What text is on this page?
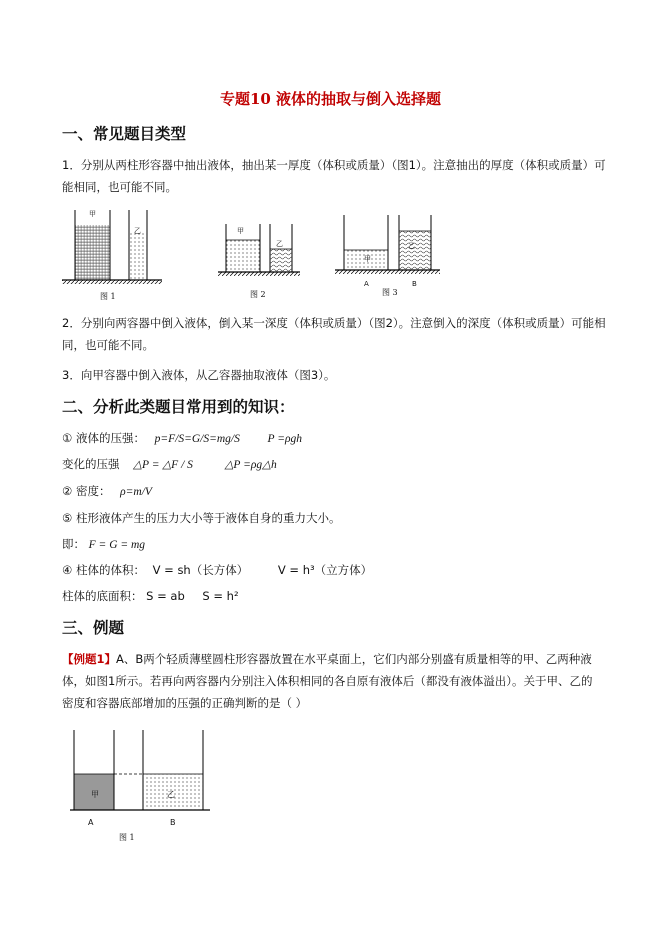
专题10 液体的抽取与倒入选择题
一、常见题目类型
1．分别从两柱形容器中抽出液体，抽出某一厚度（体积或质量）（图1）。注意抽出的厚度（体积或质量）可
能相同，也可能不同。
甲
乙
图 1
甲
乙
图 2
甲
乙
A	B
图 3
2．分别向两容器中倒入液体，倒入某一深度（体积或质量）（图2）。注意倒入的深度（体积或质量）可能相
同，也可能不同。
3．向甲容器中倒入液体，从乙容器抽取液体（图3）。
二、分析此类题目常用到的知识：
① 液体的压强： p=F/S=G/S=mg/S P =ρgh
变化的压强 △P = △F / S	△P =ρg△h
② 密度： ρ=m/V
⑤ 柱形液体产生的压力大小等于液体自身的重力大小。
即： F = G = mg
④ 柱体的体积： V = sh（长方体）	V = h³（立方体）
柱体的底面积： S = ab S = h²
三、例题
【例题1】A、B两个轻质薄壁圆柱形容器放置在水平桌面上，它们内部分别盛有质量相等的甲、乙两种液
体，如图1所示。若再向两容器内分别注入体积相同的各自原有液体后（都没有液体溢出）。关于甲、乙的
密度和容器底部增加的压强的正确判断的是（ ）
甲	乙
A	B
图 1
